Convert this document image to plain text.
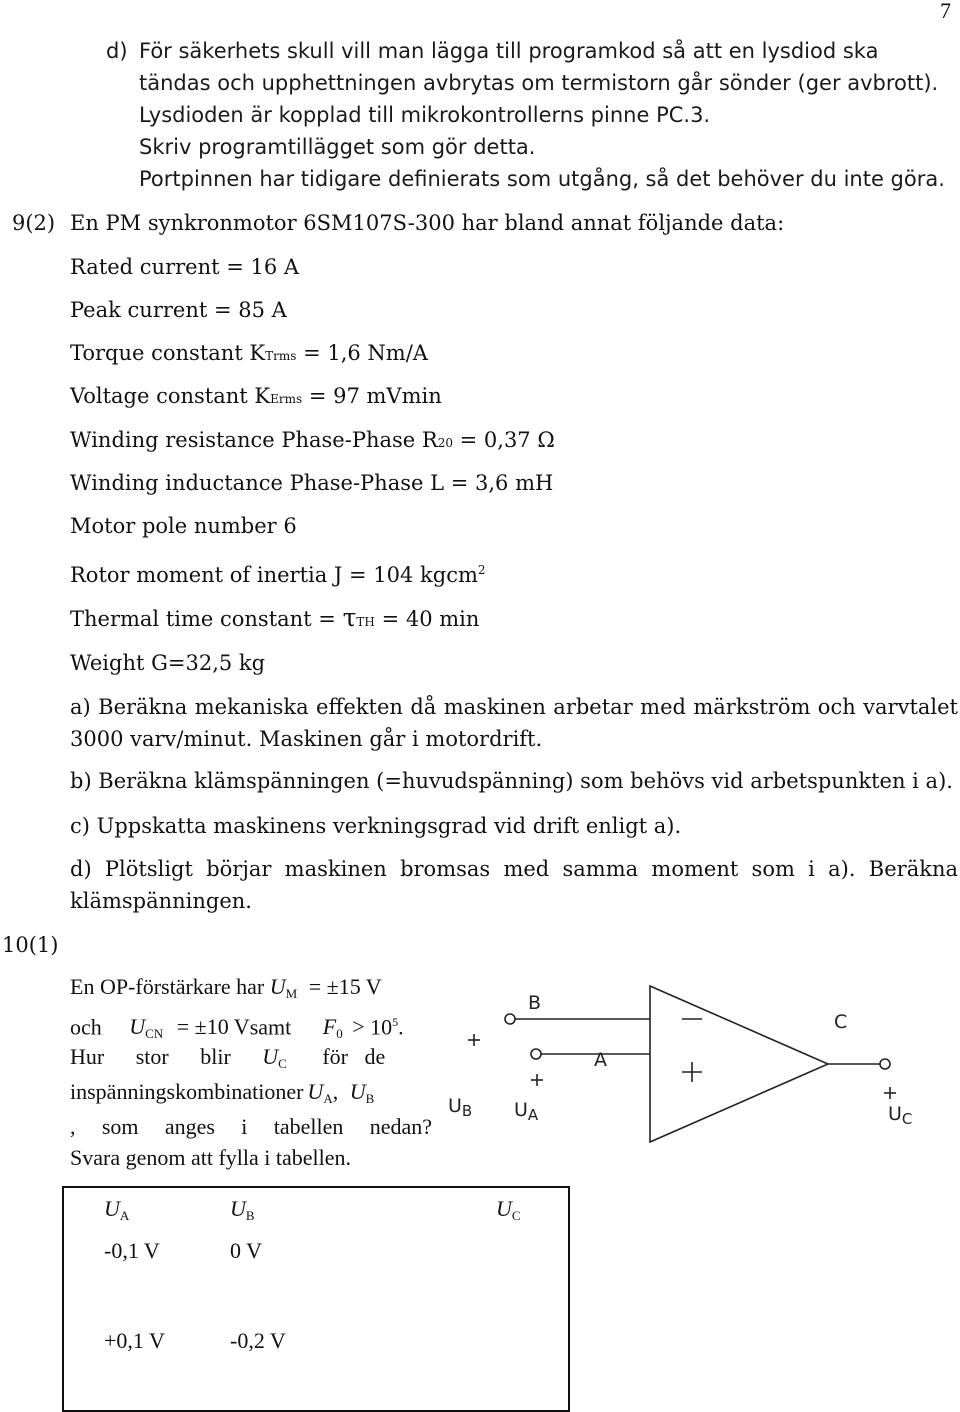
7
d) För säkerhets skull vill man lägga till programkod så att en lysdiod ska
tändas och upphettningen avbrytas om termistorn går sönder (ger avbrott).
Lysdioden är kopplad till mikrokontrollerns pinne PC.3.
Skriv programtillägget som gör detta.
Portpinnen har tidigare definierats som utgång, så det behöver du inte göra.
9(2) En PM synkronmotor 6SM107S-300 har bland annat följande data:
Rated current = 16 A
Peak current = 85 A
Torque constant KTrms = 1,6 Nm/A
Voltage constant KErms = 97 mVmin
Winding resistance Phase-Phase R20 = 0,37 Ω
Winding inductance Phase-Phase L = 3,6 mH
Motor pole number 6
Rotor moment of inertia J = 104 kgcm$^2$
Thermal time constant = τTH = 40 min
Weight G=32,5 kg
a) Beräkna mekaniska effekten då maskinen arbetar med märkström och varvtalet 3000 varv/minut. Maskinen går i motordrift.
b) Beräkna klämspänningen (=huvudspänning) som behövs vid arbetspunkten i a).
c) Uppskatta maskinens verkningsgrad vid drift enligt a).
d) Plötsligt börjar maskinen bromsas med samma moment som i a). Beräkna klämspänningen.
10(1)
En OP-förstärkare har $U_M = \pm 15$ V
och $U_{CN} = \pm 10$ Vsamt $F_0 > 10^5$.
Hur stor blir $U_C$ för   de
inspänningskombinationer $U_A$, $U_B$
, som anges i tabellen nedan?
Svara genom att fylla i tabellen.
B
A
C
$U_B$ $U_A$	$U_C$
$U_A$	$U_B$	$U_C$
-0,1 V	0 V	
+0,1 V	-0,2 V	
